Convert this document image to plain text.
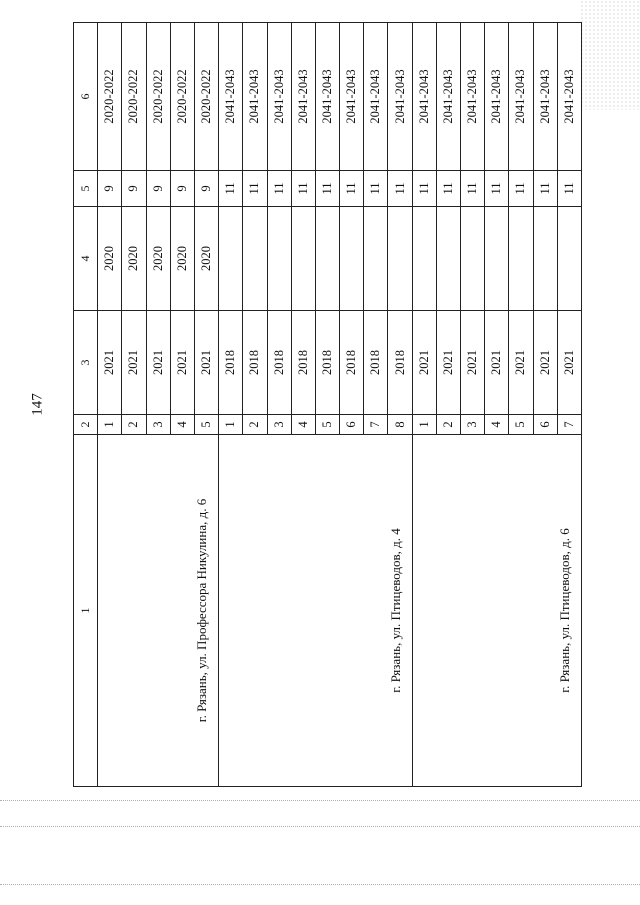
147
1	2	3	4	5	6
г. Рязань, ул. Профессора Никулина, д. 6	1	2021	2020	9	2020-2022
	2	2021	2020	9	2020-2022
	3	2021	2020	9	2020-2022
	4	2021	2020	9	2020-2022
	5	2021	2020	9	2020-2022
г. Рязань, ул. Птицеводов, д. 4	1	2018		11	2041-2043
	2	2018		11	2041-2043
	3	2018		11	2041-2043
	4	2018		11	2041-2043
	5	2018		11	2041-2043
	6	2018		11	2041-2043
	7	2018		11	2041-2043
	8	2018		11	2041-2043
г. Рязань, ул. Птицеводов, д. 6	1	2021		11	2041-2043
	2	2021		11	2041-2043
	3	2021		11	2041-2043
	4	2021		11	2041-2043
	5	2021		11	2041-2043
	6	2021		11	2041-2043
	7	2021		11	2041-2043
